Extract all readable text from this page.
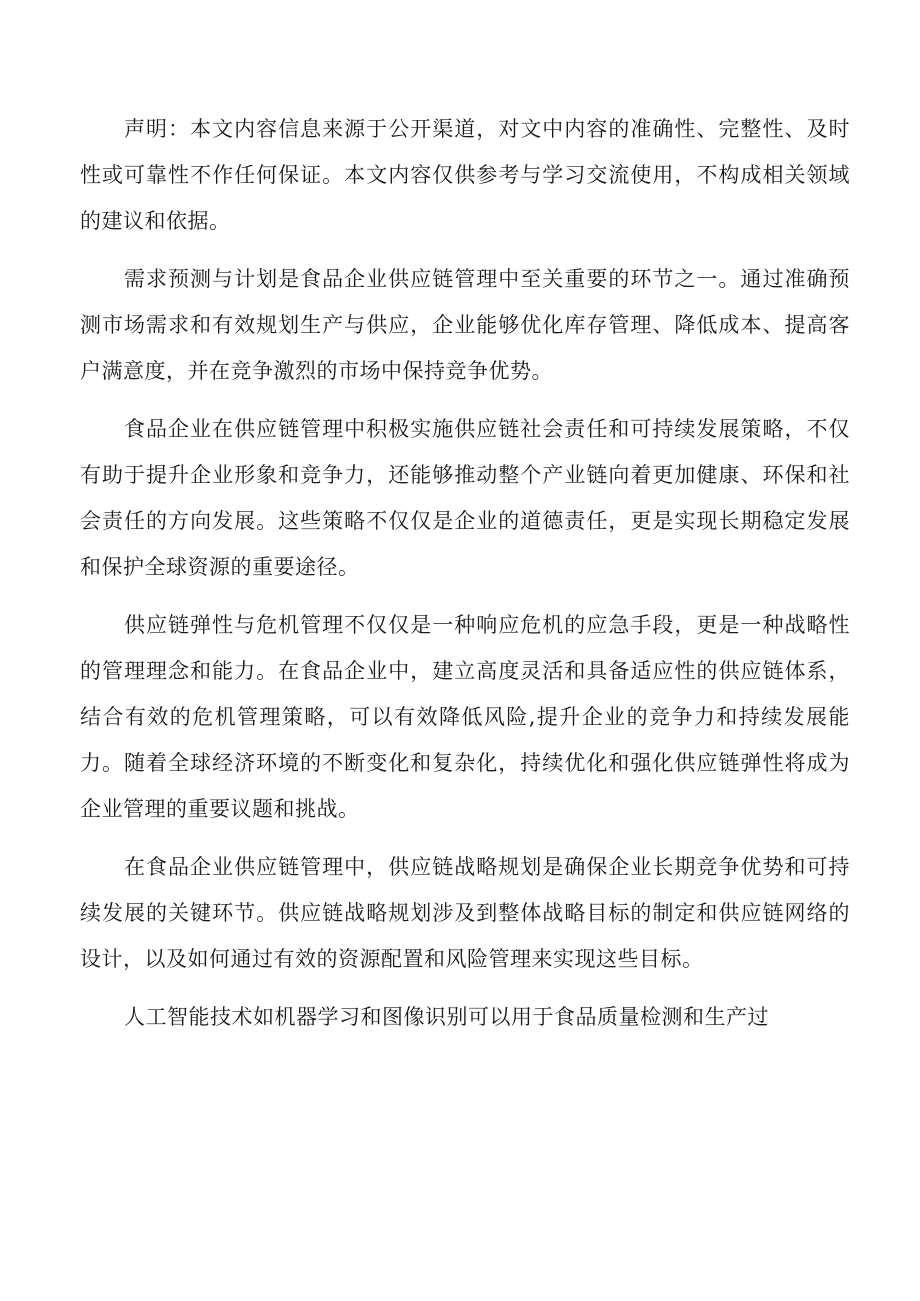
声明：本文内容信息来源于公开渠道，对文中内容的准确性、完整性、及时性或可靠性不作任何保证。本文内容仅供参考与学习交流使用，不构成相关领域的建议和依据。

需求预测与计划是食品企业供应链管理中至关重要的环节之一。通过准确预测市场需求和有效规划生产与供应，企业能够优化库存管理、降低成本、提高客户满意度，并在竞争激烈的市场中保持竞争优势。

食品企业在供应链管理中积极实施供应链社会责任和可持续发展策略，不仅有助于提升企业形象和竞争力，还能够推动整个产业链向着更加健康、环保和社会责任的方向发展。这些策略不仅仅是企业的道德责任，更是实现长期稳定发展和保护全球资源的重要途径。

供应链弹性与危机管理不仅仅是一种响应危机的应急手段，更是一种战略性的管理理念和能力。在食品企业中，建立高度灵活和具备适应性的供应链体系，结合有效的危机管理策略，可以有效降低风险,提升企业的竞争力和持续发展能力。随着全球经济环境的不断变化和复杂化，持续优化和强化供应链弹性将成为企业管理的重要议题和挑战。

在食品企业供应链管理中，供应链战略规划是确保企业长期竞争优势和可持续发展的关键环节。供应链战略规划涉及到整体战略目标的制定和供应链网络的设计，以及如何通过有效的资源配置和风险管理来实现这些目标。

人工智能技术如机器学习和图像识别可以用于食品质量检测和生产过
